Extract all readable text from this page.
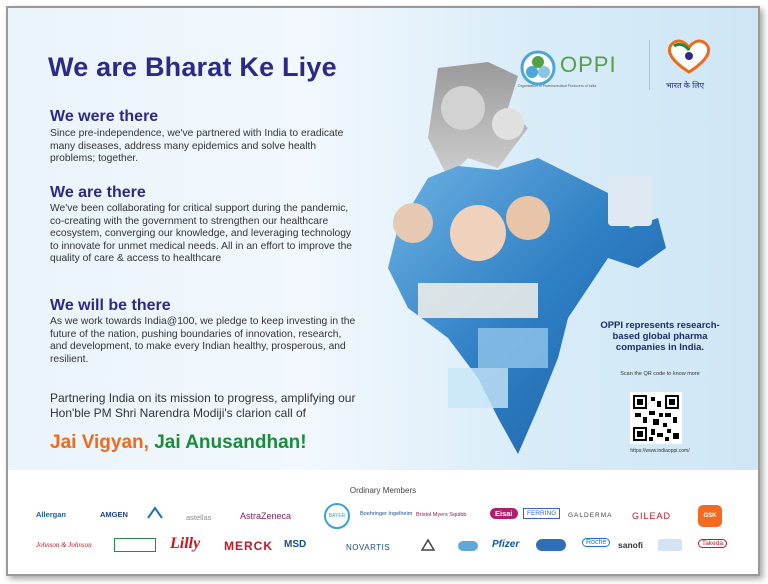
We are Bharat Ke Liye
We were there
Since pre-independence, we've partnered with India to eradicate many diseases, address many epidemics and solve health problems; together.
We are there
We've been collaborating for critical support during the pandemic, co-creating with the government to strengthen our healthcare ecosystem, converging our knowledge, and leveraging technology to innovate for unmet medical needs. All in an effort to improve the quality of care & access to healthcare
We will be there
As we work towards India@100, we pledge to keep investing in the future of the nation, pushing boundaries of innovation, research, and development, to make every Indian healthy, prosperous, and resilient.
Partnering India on its mission to progress, amplifying our Hon'ble PM Shri Narendra Modiji's clarion call of
Jai Vigyan, Jai Anusandhan!
OPPI
Organisation of Pharmaceutical Producers of India	भारत के लिए
OPPI represents research-based global pharma companies in India.
Scan the QR code to know more
https://www.indiaoppi.com/
Ordinary Members
Allergan	AMGEN	astellas	AstraZeneca	BAYER	Boehringer Ingelheim Bristol Myers Squibb	Eisai	FERRING	GALDERMA GILEAD	GSK
Johnson & Johnson	Lilly MERCK MSD	NOVARTIS	Pfizer	Roche	sanofi	Takeda
